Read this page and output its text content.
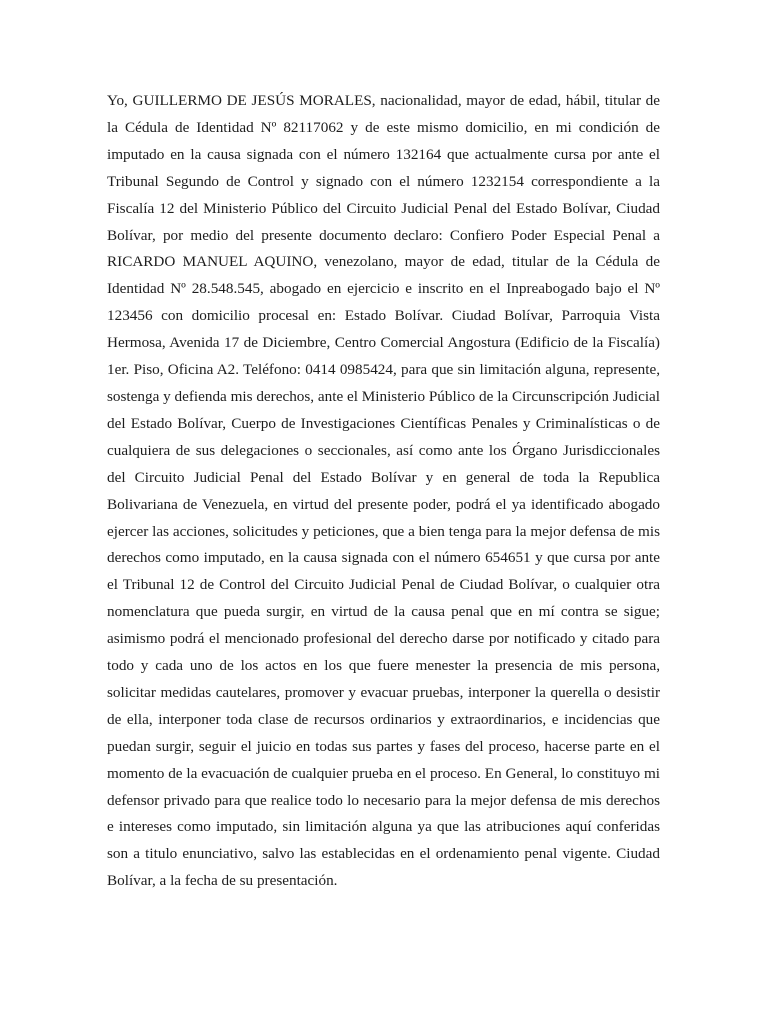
Yo, GUILLERMO DE JESÚS MORALES, nacionalidad, mayor de edad, hábil, titular de la Cédula de Identidad Nº 82117062 y de este mismo domicilio, en mi condición de imputado en la causa signada con el número 132164 que actualmente cursa por ante el Tribunal Segundo de Control y signado con el número 1232154 correspondiente a la Fiscalía 12 del Ministerio Público del Circuito Judicial Penal del Estado Bolívar, Ciudad Bolívar, por medio del presente documento declaro: Confiero Poder Especial Penal a RICARDO MANUEL AQUINO, venezolano, mayor de edad, titular de la Cédula de Identidad Nº 28.548.545, abogado en ejercicio e inscrito en el Inpreabogado bajo el Nº 123456 con domicilio procesal en: Estado Bolívar. Ciudad Bolívar, Parroquia Vista Hermosa, Avenida 17 de Diciembre, Centro Comercial Angostura (Edificio de la Fiscalía) 1er. Piso, Oficina A2. Teléfono: 0414 0985424, para que sin limitación alguna, represente, sostenga y defienda mis derechos, ante el Ministerio Público de la Circunscripción Judicial del Estado Bolívar, Cuerpo de Investigaciones Científicas Penales y Criminalísticas o de cualquiera de sus delegaciones o seccionales, así como ante los Órgano Jurisdiccionales del Circuito Judicial Penal del Estado Bolívar y en general de toda la Republica Bolivariana de Venezuela, en virtud del presente poder, podrá el ya identificado abogado ejercer las acciones, solicitudes y peticiones, que a bien tenga para la mejor defensa de mis derechos como imputado, en la causa signada con el número 654651 y que cursa por ante el Tribunal 12 de Control del Circuito Judicial Penal de Ciudad Bolívar, o cualquier otra nomenclatura que pueda surgir, en virtud de la causa penal que en mí contra se sigue; asimismo podrá el mencionado profesional del derecho darse por notificado y citado para todo y cada uno de los actos en los que fuere menester la presencia de mis persona, solicitar medidas cautelares, promover y evacuar pruebas, interponer la querella o desistir de ella, interponer toda clase de recursos ordinarios y extraordinarios, e incidencias que puedan surgir, seguir el juicio en todas sus partes y fases del proceso, hacerse parte en el momento de la evacuación de cualquier prueba en el proceso. En General, lo constituyo mi defensor privado para que realice todo lo necesario para la mejor defensa de mis derechos e intereses como imputado, sin limitación alguna ya que las atribuciones aquí conferidas son a titulo enunciativo, salvo las establecidas en el ordenamiento penal vigente. Ciudad Bolívar, a la fecha de su presentación.
